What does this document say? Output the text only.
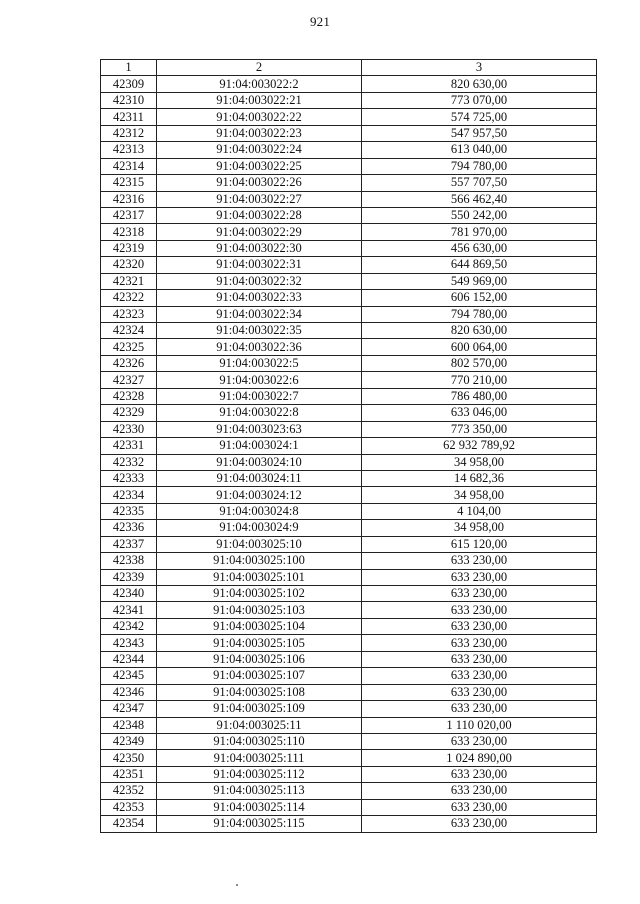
921
1	2	3
42309	91:04:003022:2	820 630,00
42310	91:04:003022:21	773 070,00
42311	91:04:003022:22	574 725,00
42312	91:04:003022:23	547 957,50
42313	91:04:003022:24	613 040,00
42314	91:04:003022:25	794 780,00
42315	91:04:003022:26	557 707,50
42316	91:04:003022:27	566 462,40
42317	91:04:003022:28	550 242,00
42318	91:04:003022:29	781 970,00
42319	91:04:003022:30	456 630,00
42320	91:04:003022:31	644 869,50
42321	91:04:003022:32	549 969,00
42322	91:04:003022:33	606 152,00
42323	91:04:003022:34	794 780,00
42324	91:04:003022:35	820 630,00
42325	91:04:003022:36	600 064,00
42326	91:04:003022:5	802 570,00
42327	91:04:003022:6	770 210,00
42328	91:04:003022:7	786 480,00
42329	91:04:003022:8	633 046,00
42330	91:04:003023:63	773 350,00
42331	91:04:003024:1	62 932 789,92
42332	91:04:003024:10	34 958,00
42333	91:04:003024:11	14 682,36
42334	91:04:003024:12	34 958,00
42335	91:04:003024:8	4 104,00
42336	91:04:003024:9	34 958,00
42337	91:04:003025:10	615 120,00
42338	91:04:003025:100	633 230,00
42339	91:04:003025:101	633 230,00
42340	91:04:003025:102	633 230,00
42341	91:04:003025:103	633 230,00
42342	91:04:003025:104	633 230,00
42343	91:04:003025:105	633 230,00
42344	91:04:003025:106	633 230,00
42345	91:04:003025:107	633 230,00
42346	91:04:003025:108	633 230,00
42347	91:04:003025:109	633 230,00
42348	91:04:003025:11	1 110 020,00
42349	91:04:003025:110	633 230,00
42350	91:04:003025:111	1 024 890,00
42351	91:04:003025:112	633 230,00
42352	91:04:003025:113	633 230,00
42353	91:04:003025:114	633 230,00
42354	91:04:003025:115	633 230,00
